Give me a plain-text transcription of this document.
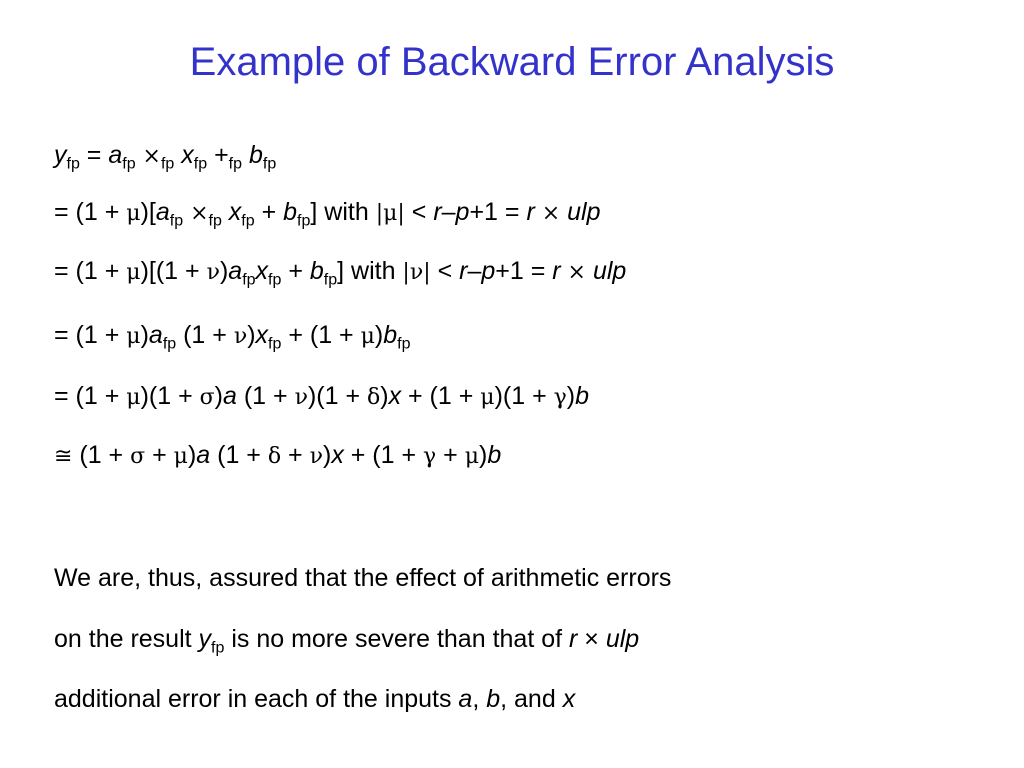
Example of Backward Error Analysis
$y_{fp} = a_{fp} \times_{fp}$ $x_{fp} +_{fp}$ $b_{fp}$
= $(1 + \mu)[a_{fp} \times_{fp}$ $x_{fp} + b_{fp}$] with |μ| < r–p+1 = r × ulp
= $(1 + \mu)[(1 + \nu)a_{fp}x_{fp} + b_{fp}]$ with |ν| < r–p+1 = r × ulp
= $(1 + \mu)a_{fp}$ $(1 + \nu)x_{fp} + (1 + \mu)b_{fp}$
= (1 + μ)(1 + σ)a (1 + ν)(1 + δ)x + (1 + μ)(1 + γ)b
≅ (1 + σ + μ)a (1 + δ + ν)x + (1 + γ + μ)b
We are, thus, assured that the effect of arithmetic errors
on the result $y_{fp}$ is no more severe than that of r × ulp
additional error in each of the inputs a, b, and x
